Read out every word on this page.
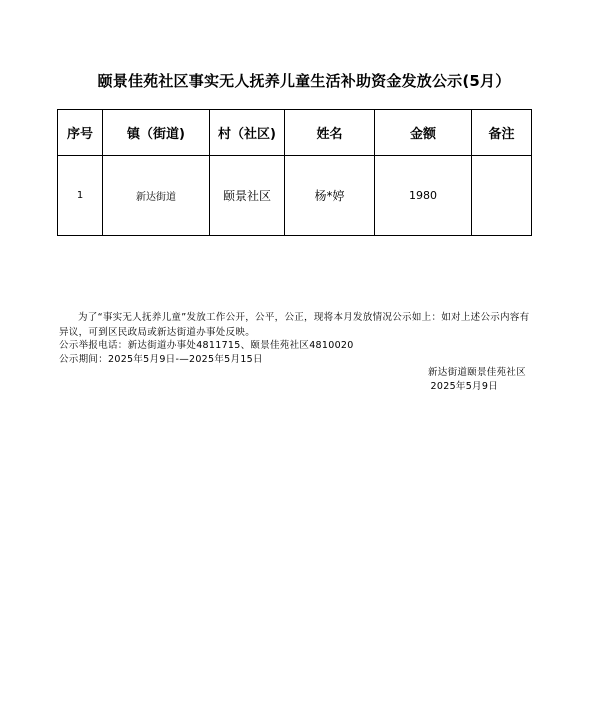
颐景佳苑社区事实无人抚养儿童生活补助资金发放公示(5月）
序号	镇（街道)	村（社区)	姓名	金额	备注
1	新达街道	颐景社区	杨*婷	1980	
为了“事实无人抚养儿童”发放工作公开，公平，公正，现将本月发放情况公示如上：如对上述公示内容有异议，可到区民政局或新达街道办事处反映。
公示举报电话：新达街道办事处4811715、颐景佳苑社区4810020
公示期间：2025年5月9日-—2025年5月15日
新达街道颐景佳苑社区
2025年5月9日
